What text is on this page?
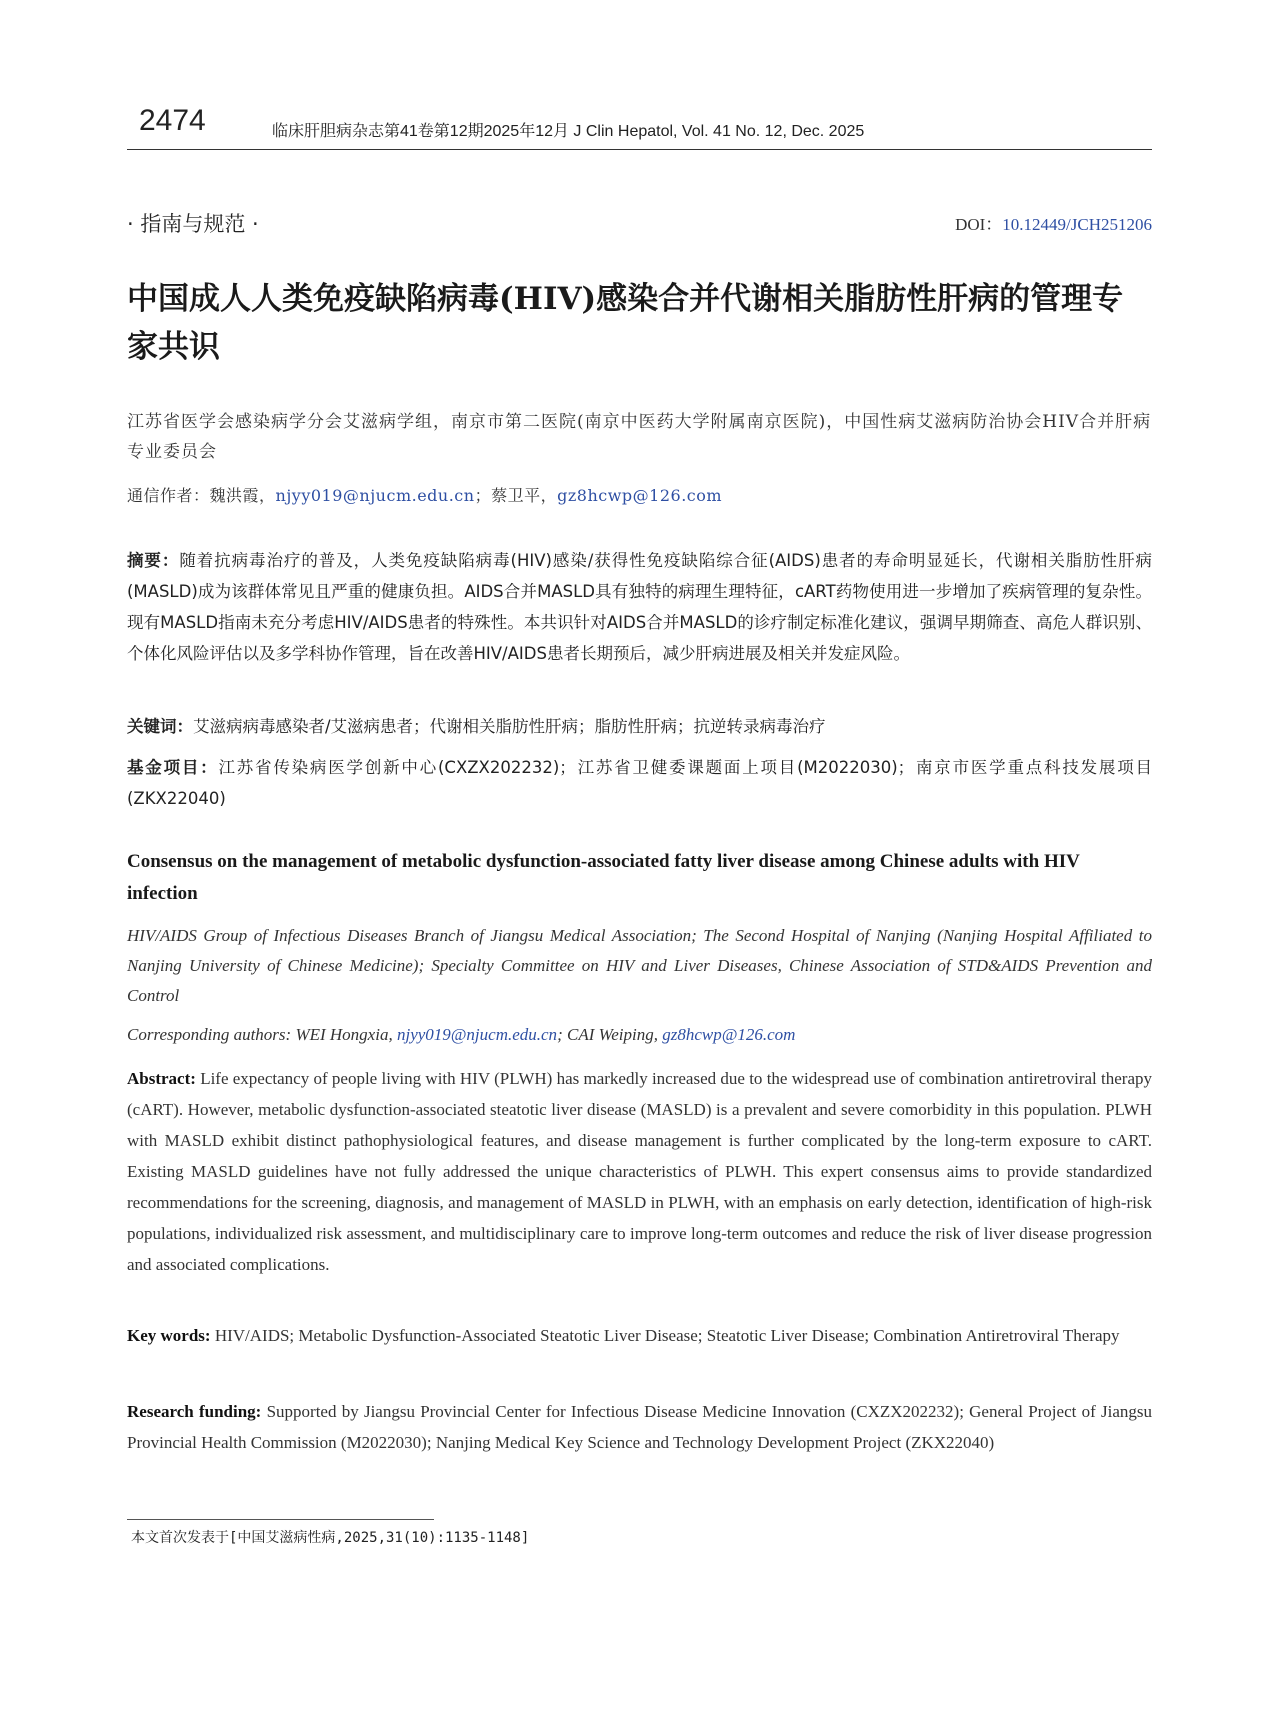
2474	临床肝胆病杂志第41卷第12期2025年12月 J Clin Hepatol, Vol. 41 No. 12, Dec. 2025
· 指南与规范 ·	DOI：10.12449/JCH251206
中国成人人类免疫缺陷病毒(HIV)感染合并代谢相关脂肪性肝病的管理专家共识
江苏省医学会感染病学分会艾滋病学组，南京市第二医院(南京中医药大学附属南京医院)，中国性病艾滋病防治协会HIV合并肝病专业委员会
通信作者：魏洪霞，njyy019@njucm.edu.cn；蔡卫平，gz8hcwp@126.com
摘要：随着抗病毒治疗的普及，人类免疫缺陷病毒(HIV)感染/获得性免疫缺陷综合征(AIDS)患者的寿命明显延长，代谢相关脂肪性肝病(MASLD)成为该群体常见且严重的健康负担。AIDS合并MASLD具有独特的病理生理特征，cART药物使用进一步增加了疾病管理的复杂性。现有MASLD指南未充分考虑HIV/AIDS患者的特殊性。本共识针对AIDS合并MASLD的诊疗制定标准化建议，强调早期筛查、高危人群识别、个体化风险评估以及多学科协作管理，旨在改善HIV/AIDS患者长期预后，减少肝病进展及相关并发症风险。
关键词：艾滋病病毒感染者/艾滋病患者；代谢相关脂肪性肝病；脂肪性肝病；抗逆转录病毒治疗
基金项目：江苏省传染病医学创新中心(CXZX202232)；江苏省卫健委课题面上项目(M2022030)；南京市医学重点科技发展项目(ZKX22040)
Consensus on the management of metabolic dysfunction-associated fatty liver disease among Chinese adults with HIV infection
HIV/AIDS Group of Infectious Diseases Branch of Jiangsu Medical Association; The Second Hospital of Nanjing (Nanjing Hospital Affiliated to Nanjing University of Chinese Medicine); Specialty Committee on HIV and Liver Diseases, Chinese Association of STD&AIDS Prevention and Control
Corresponding authors: WEI Hongxia, njyy019@njucm.edu.cn; CAI Weiping, gz8hcwp@126.com
Abstract: Life expectancy of people living with HIV (PLWH) has markedly increased due to the widespread use of combination antiretroviral therapy (cART). However, metabolic dysfunction-associated steatotic liver disease (MASLD) is a prevalent and severe comorbidity in this population. PLWH with MASLD exhibit distinct pathophysiological features, and disease management is further complicated by the long-term exposure to cART. Existing MASLD guidelines have not fully addressed the unique characteristics of PLWH. This expert consensus aims to provide standardized recommendations for the screening, diagnosis, and management of MASLD in PLWH, with an emphasis on early detection, identification of high-risk populations, individualized risk assessment, and multidisciplinary care to improve long-term outcomes and reduce the risk of liver disease progression and associated complications.
Key words: HIV/AIDS; Metabolic Dysfunction-Associated Steatotic Liver Disease; Steatotic Liver Disease; Combination Antiretroviral Therapy
Research funding: Supported by Jiangsu Provincial Center for Infectious Disease Medicine Innovation (CXZX202232); General Project of Jiangsu Provincial Health Commission (M2022030); Nanjing Medical Key Science and Technology Development Project (ZKX22040)
本文首次发表于[中国艾滋病性病,2025,31(10):1135-1148]
